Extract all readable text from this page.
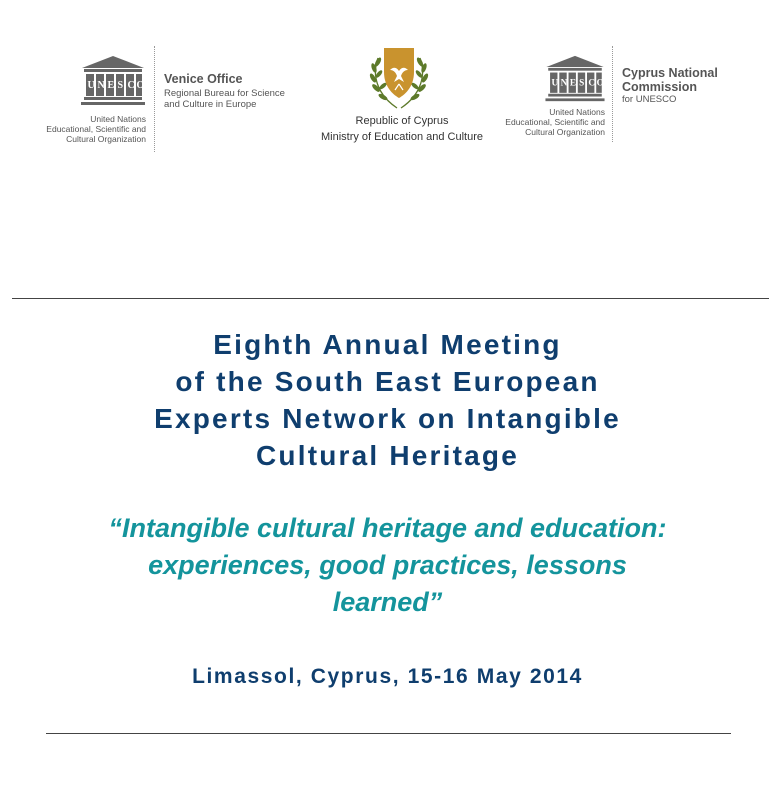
U N E S C O
United Nations
Educational, Scientific and
Cultural Organization
Venice Office
Regional Bureau for Science
and Culture in Europe
Republic of Cyprus
Ministry of Education and Culture
U N E S C O
United Nations
Educational, Scientific and
Cultural Organization
Cyprus National
Commission
for UNESCO
Eighth Annual Meeting
of the South East European
Experts Network on Intangible
Cultural Heritage
“Intangible cultural heritage and education:
experiences, good practices, lessons
learned”
Limassol, Cyprus, 15-16 May 2014
